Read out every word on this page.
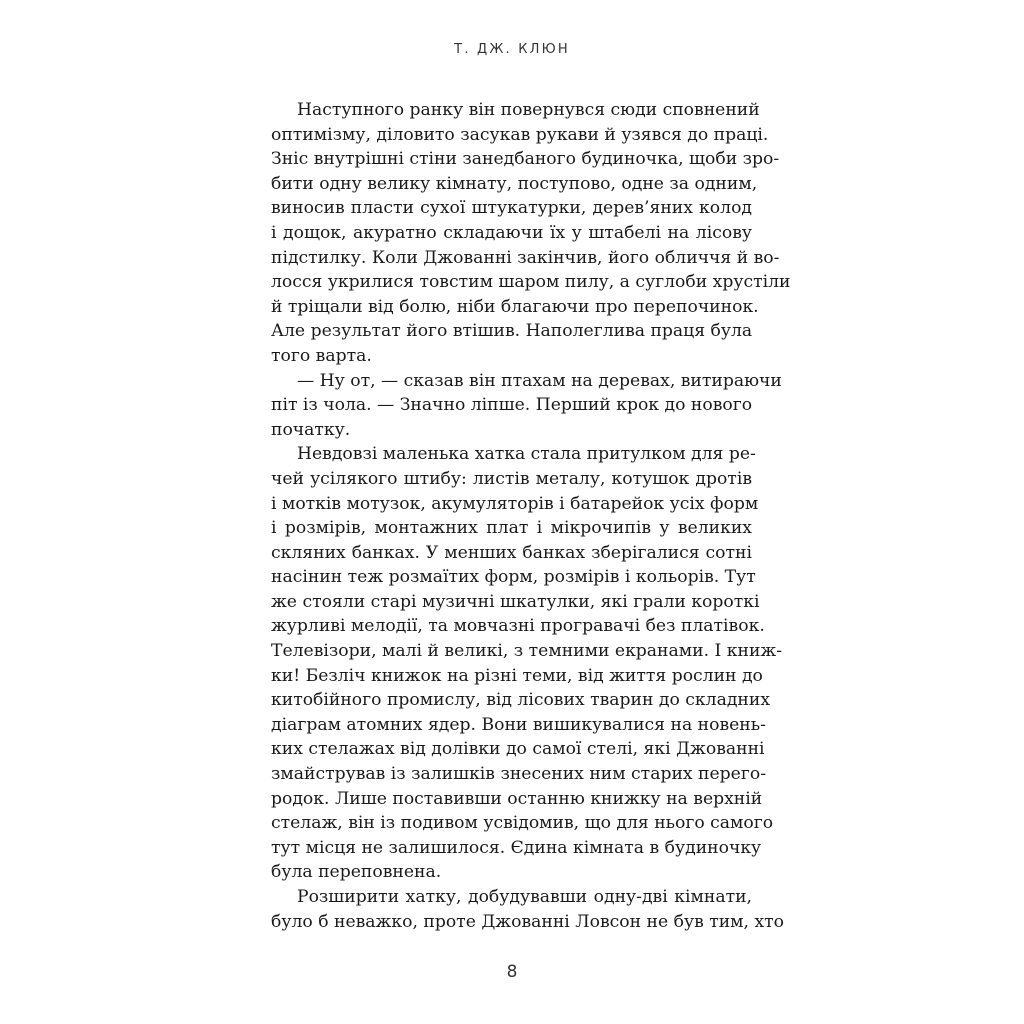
Т. ДЖ. КЛЮН
Наступного ранку він повернувся сюди сповнений
оптимізму, діловито засукав рукави й узявся до праці.
Зніс внутрішні стіни занедбаного будиночка, щоби зро-
бити одну велику кімнату, поступово, одне за одним,
виносив пласти сухої штукатурки, дерев’яних колод
і дощок, акуратно складаючи їх у штабелі на лісову
підстилку. Коли Джованні закінчив, його обличчя й во-
лосся укрилися товстим шаром пилу, а суглоби хрустіли
й тріщали від болю, ніби благаючи про перепочинок.
Але результат його втішив. Наполеглива праця була
того варта.
— Ну от, — сказав він птахам на деревах, витираючи
піт із чола. — Значно ліпше. Перший крок до нового
початку.
Невдовзі маленька хатка стала притулком для ре-
чей усілякого штибу: листів металу, котушок дротів
і мотків мотузок, акумуляторів і батарейок усіх форм
і розмірів, монтажних плат і мікрочипів у великих
скляних банках. У менших банках зберігалися сотні
насінин теж розмаїтих форм, розмірів і кольорів. Тут
же стояли старі музичні шкатулки, які грали короткі
журливі мелодії, та мовчазні програвачі без платівок.
Телевізори, малі й великі, з темними екранами. І книж-
ки! Безліч книжок на різні теми, від життя рослин до
китобійного промислу, від лісових тварин до складних
діаграм атомних ядер. Вони вишикувалися на новень-
ких стелажах від долівки до самої стелі, які Джованні
змайстрував із залишків знесених ним старих перего-
родок. Лише поставивши останню книжку на верхній
стелаж, він із подивом усвідомив, що для нього самого
тут місця не залишилося. Єдина кімната в будиночку
була переповнена.
Розширити хатку, добудувавши одну-дві кімнати,
було б неважко, проте Джованні Ловсон не був тим, хто
8
